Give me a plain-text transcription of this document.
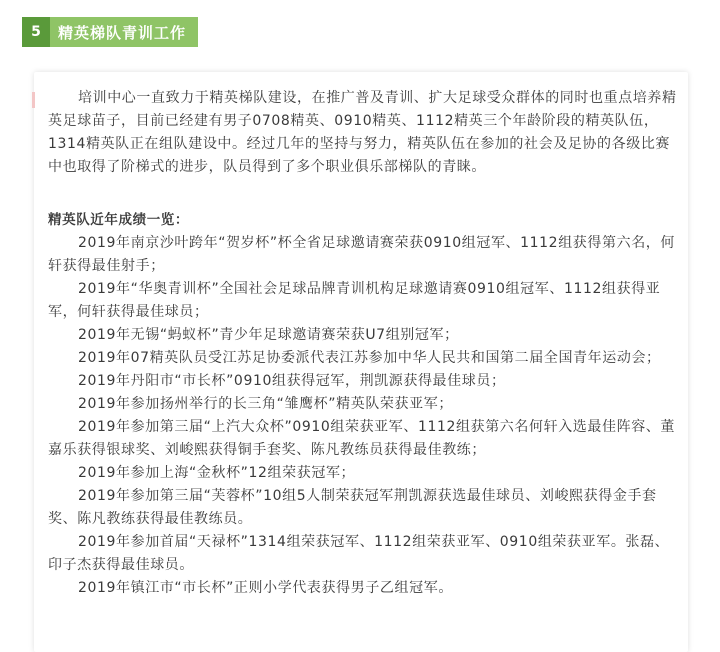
5	精英梯队青训工作

培训中心一直致力于精英梯队建设，在推广普及青训、扩大足球受众群体的同时也重点培养精英足球苗子，目前已经建有男子0708精英、0910精英、1112精英三个年龄阶段的精英队伍，1314精英队正在组队建设中。经过几年的坚持与努力，精英队伍在参加的社会及足协的各级比赛中也取得了阶梯式的进步，队员得到了多个职业俱乐部梯队的青睐。

精英队近年成绩一览：

2019年南京沙叶跨年“贺岁杯”杯全省足球邀请赛荣获0910组冠军、1112组获得第六名，何轩获得最佳射手；
2019年“华奥青训杯”全国社会足球品牌青训机构足球邀请赛0910组冠军、1112组获得亚军，何轩获得最佳球员；
2019年无锡“蚂蚁杯”青少年足球邀请赛荣获U7组别冠军；
2019年07精英队员受江苏足协委派代表江苏参加中华人民共和国第二届全国青年运动会；
2019年丹阳市“市长杯”0910组获得冠军，荆凯源获得最佳球员；
2019年参加扬州举行的长三角“雏鹰杯”精英队荣获亚军；
2019年参加第三届“上汽大众杯”0910组荣获亚军、1112组获第六名何轩入选最佳阵容、董嘉乐获得银球奖、刘峻熙获得铜手套奖、陈凡教练员获得最佳教练；
2019年参加上海“金秋杯”12组荣获冠军；
2019年参加第三届“芙蓉杯”10组5人制荣获冠军荆凯源获选最佳球员、刘峻熙获得金手套奖、陈凡教练获得最佳教练员。
2019年参加首届“天禄杯”1314组荣获冠军、1112组荣获亚军、0910组荣获亚军。张磊、印子杰获得最佳球员。
2019年镇江市“市长杯”正则小学代表获得男子乙组冠军。
